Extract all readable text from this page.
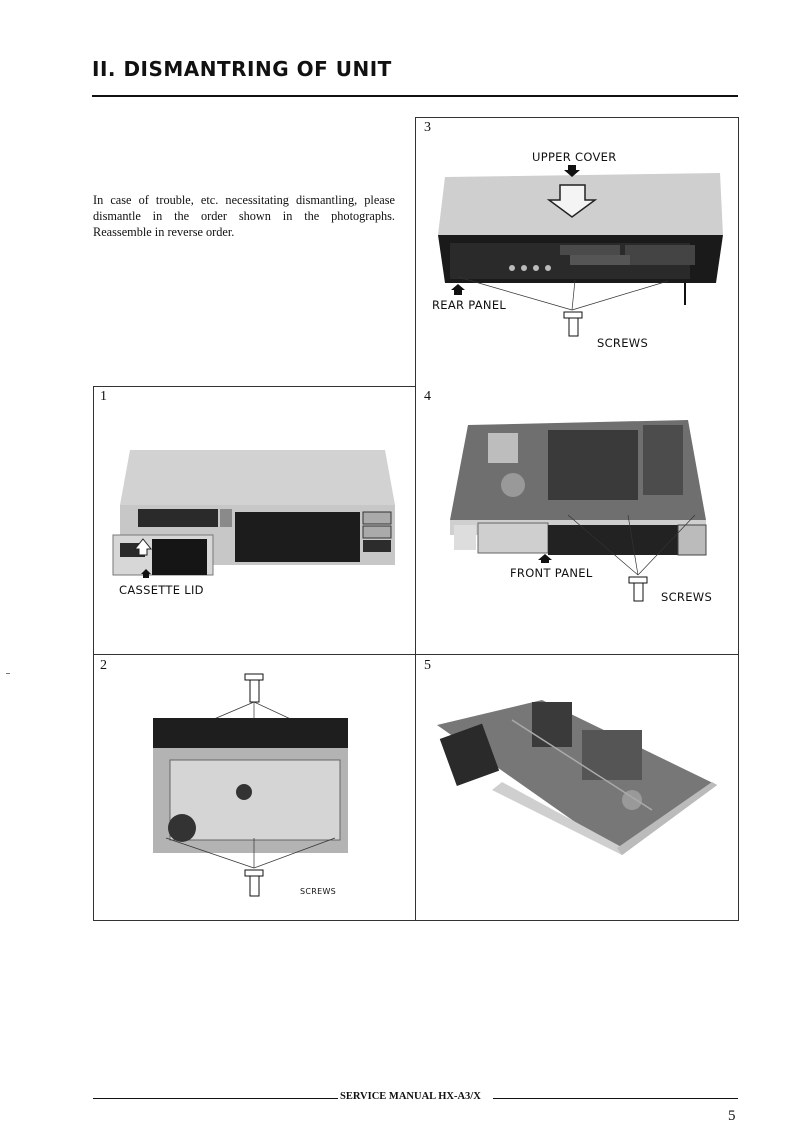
II. DISMANTRING OF UNIT

In case of trouble, etc. necessitating dismantling, please dismantle in the order shown in the photographs. Reassemble in reverse order.

3
UPPER COVER
REAR PANEL
SCREWS
1
CASSETTE LID
4
FRONT PANEL
SCREWS
2
SCREWS
5
SERVICE MANUAL HX-A3/X
5
